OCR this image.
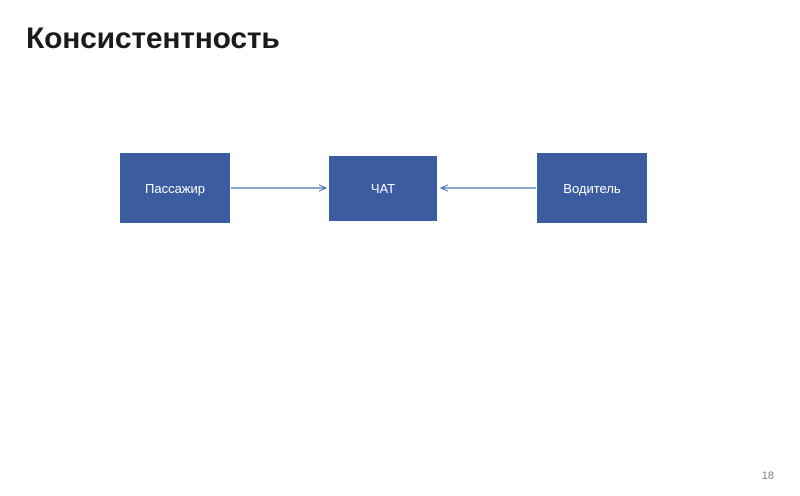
Консистентность
Пассажир	ЧАТ	Водитель
18
